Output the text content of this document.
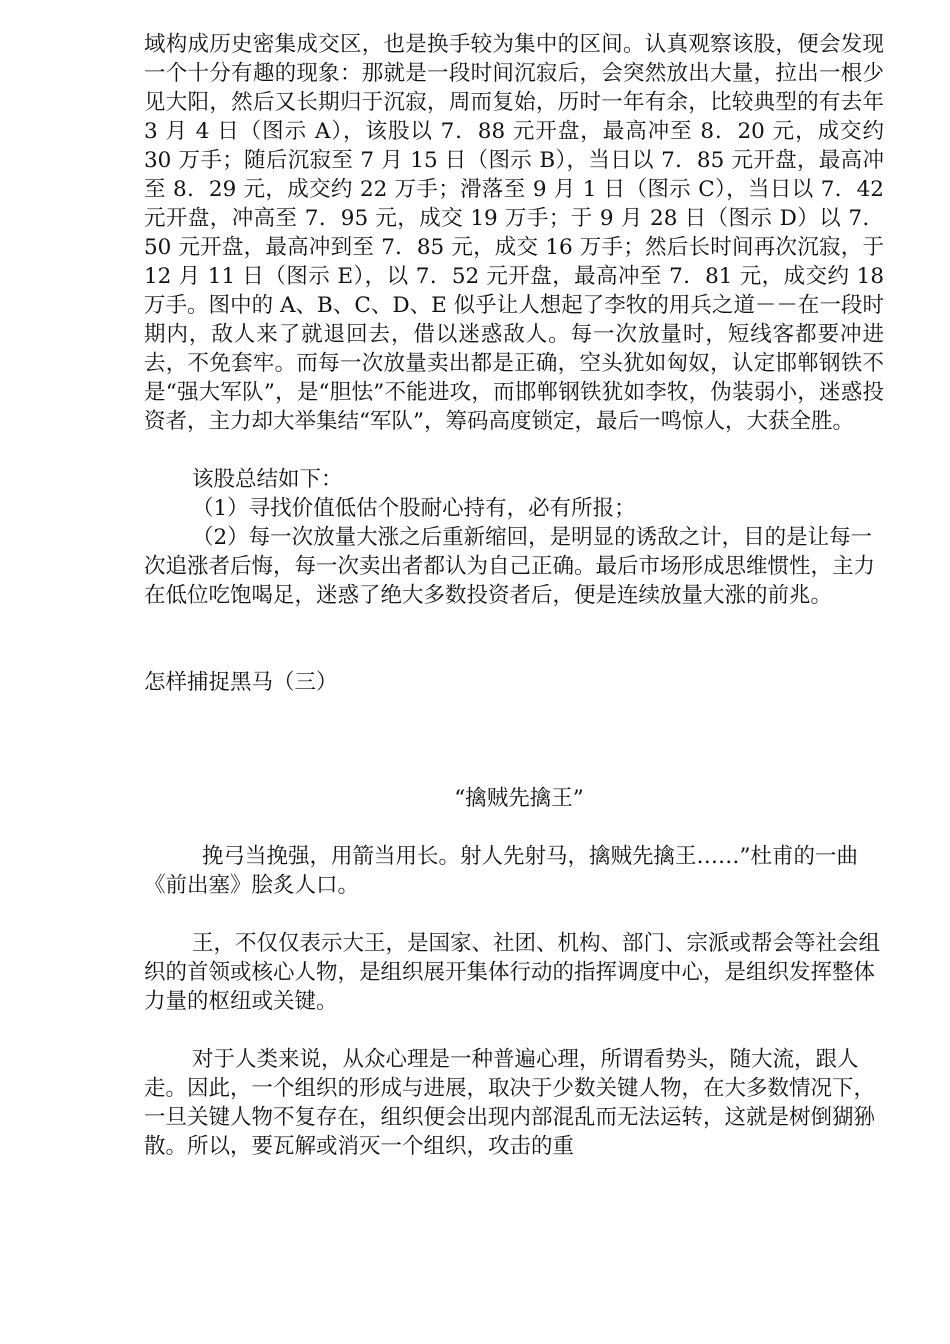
域构成历史密集成交区，也是换手较为集中的区间。认真观察该股，便会发现一个十分有趣的现象：那就是一段时间沉寂后，会突然放出大量，拉出一根少见大阳，然后又长期归于沉寂，周而复始，历时一年有余，比较典型的有去年 3 月 4 日（图示 A），该股以 7．88 元开盘，最高冲至 8．20 元，成交约 30 万手；随后沉寂至 7 月 15 日（图示 B），当日以 7．85 元开盘，最高冲至 8．29 元，成交约 22 万手；滑落至 9 月 1 日（图示 C），当日以 7．42 元开盘，冲高至 7．95 元，成交 19 万手；于 9 月 28 日（图示 D）以 7．50 元开盘，最高冲到至 7．85 元，成交 16 万手；然后长时间再次沉寂，于 12 月 11 日（图示 E），以 7．52 元开盘，最高冲至 7．81 元，成交约 18 万手。图中的 A、B、C、D、E 似乎让人想起了李牧的用兵之道－－在一段时期内，敌人来了就退回去，借以迷惑敌人。每一次放量时，短线客都要冲进去，不免套牢。而每一次放量卖出都是正确，空头犹如匈奴，认定邯郸钢铁不是“强大军队”，是“胆怯”不能进攻，而邯郸钢铁犹如李牧，伪装弱小，迷惑投资者，主力却大举集结“军队”，筹码高度锁定，最后一鸣惊人，大获全胜。

该股总结如下：

（1）寻找价值低估个股耐心持有，必有所报；

（2）每一次放量大涨之后重新缩回，是明显的诱敌之计，目的是让每一次追涨者后悔，每一次卖出者都认为自己正确。最后市场形成思维惯性，主力在低位吃饱喝足，迷惑了绝大多数投资者后，便是连续放量大涨的前兆。

怎样捕捉黑马（三）

“擒贼先擒王”

挽弓当挽强，用箭当用长。射人先射马，擒贼先擒王……”杜甫的一曲《前出塞》脍炙人口。

王，不仅仅表示大王，是国家、社团、机构、部门、宗派或帮会等社会组织的首领或核心人物，是组织展开集体行动的指挥调度中心，是组织发挥整体力量的枢纽或关键。

对于人类来说，从众心理是一种普遍心理，所谓看势头，随大流，跟人走。因此，一个组织的形成与进展，取决于少数关键人物，在大多数情况下，一旦关键人物不复存在，组织便会出现内部混乱而无法运转，这就是树倒猢狲散。所以，要瓦解或消灭一个组织，攻击的重
